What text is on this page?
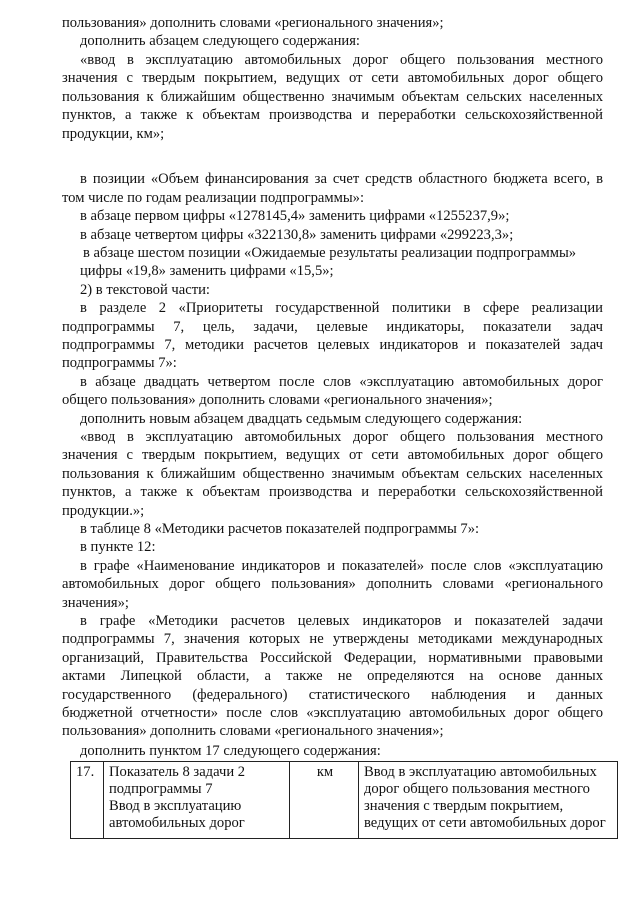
пользования» дополнить словами «регионального значения»;

дополнить абзацем следующего содержания:

«ввод в эксплуатацию автомобильных дорог общего пользования местного

значения с твердым покрытием, ведущих от сети автомобильных дорог общего

пользования к ближайшим общественно значимым объектам сельских населенных

пунктов, а также к объектам производства и переработки сельскохозяйственной

продукции, км»;

в позиции «Объем финансирования за счет средств областного бюджета всего, в

том числе по годам реализации подпрограммы»:

в абзаце первом цифры «1278145,4» заменить цифрами «1255237,9»;

в абзаце четвертом цифры «322130,8» заменить цифрами «299223,3»;

в абзаце шестом позиции «Ожидаемые результаты реализации подпрограммы»

цифры «19,8» заменить цифрами «15,5»;

2) в текстовой части:

в разделе 2 «Приоритеты государственной политики в сфере реализации

подпрограммы 7, цель, задачи, целевые индикаторы, показатели задач

подпрограммы 7, методики расчетов целевых индикаторов и показателей задач

подпрограммы 7»:

в абзаце двадцать четвертом после слов «эксплуатацию автомобильных дорог

общего пользования» дополнить словами «регионального значения»;

дополнить новым абзацем двадцать седьмым следующего содержания:

«ввод в эксплуатацию автомобильных дорог общего пользования местного

значения с твердым покрытием, ведущих от сети автомобильных дорог общего

пользования к ближайшим общественно значимым объектам сельских населенных

пунктов, а также к объектам производства и переработки сельскохозяйственной

продукции.»;

в таблице 8 «Методики расчетов показателей подпрограммы 7»:

в пункте 12:

в графе «Наименование индикаторов и показателей» после слов «эксплуатацию

автомобильных дорог общего пользования» дополнить словами «регионального

значения»;

в графе «Методики расчетов целевых индикаторов и показателей задачи

подпрограммы 7, значения которых не утверждены методиками международных

организаций, Правительства Российской Федерации, нормативными правовыми

актами Липецкой области, а также не определяются на основе данных

государственного (федерального) статистического наблюдения и данных

бюджетной отчетности» после слов «эксплуатацию автомобильных дорог общего

пользования» дополнить словами «регионального значения»;

дополнить пунктом 17 следующего содержания:

17.	Показатель 8 задачи 2
подпрограммы 7
Ввод в эксплуатацию
автомобильных дорог
	км	Ввод в эксплуатацию автомобильных
дорог общего пользования местного
значения с твердым покрытием,
ведущих от сети автомобильных дорог
